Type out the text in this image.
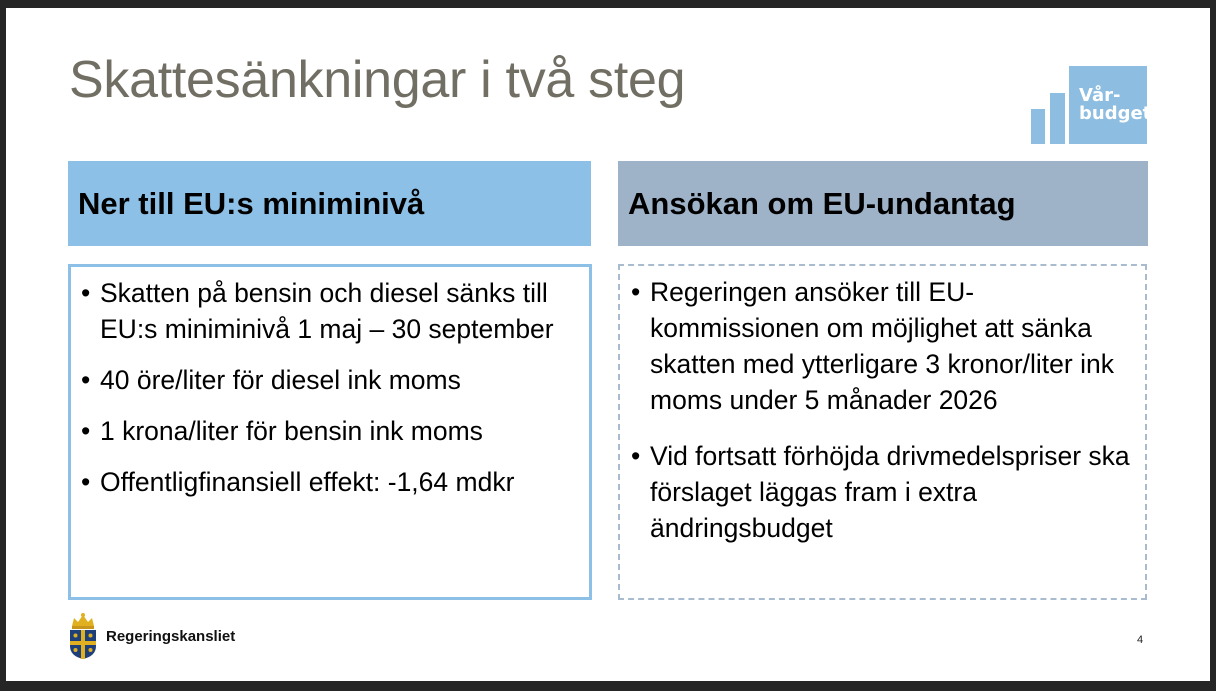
Skattesänkningar i två steg	Vår-
budget
Ner till EU:s miniminivå	Ansökan om EU-undantag
• Skatten på bensin och diesel sänks till EU:s miniminivå 1 maj – 30 september
• 40 öre/liter för diesel ink moms
• 1 krona/liter för bensin ink moms
• Offentligfinansiell effekt: -1,64 mdkr
• Regeringen ansöker till EU-kommissionen om möjlighet att sänka skatten med ytterligare 3 kronor/liter ink moms under 5 månader 2026
• Vid fortsatt förhöjda drivmedelspriser ska förslaget läggas fram i extra ändringsbudget
Regeringskansliet	4
